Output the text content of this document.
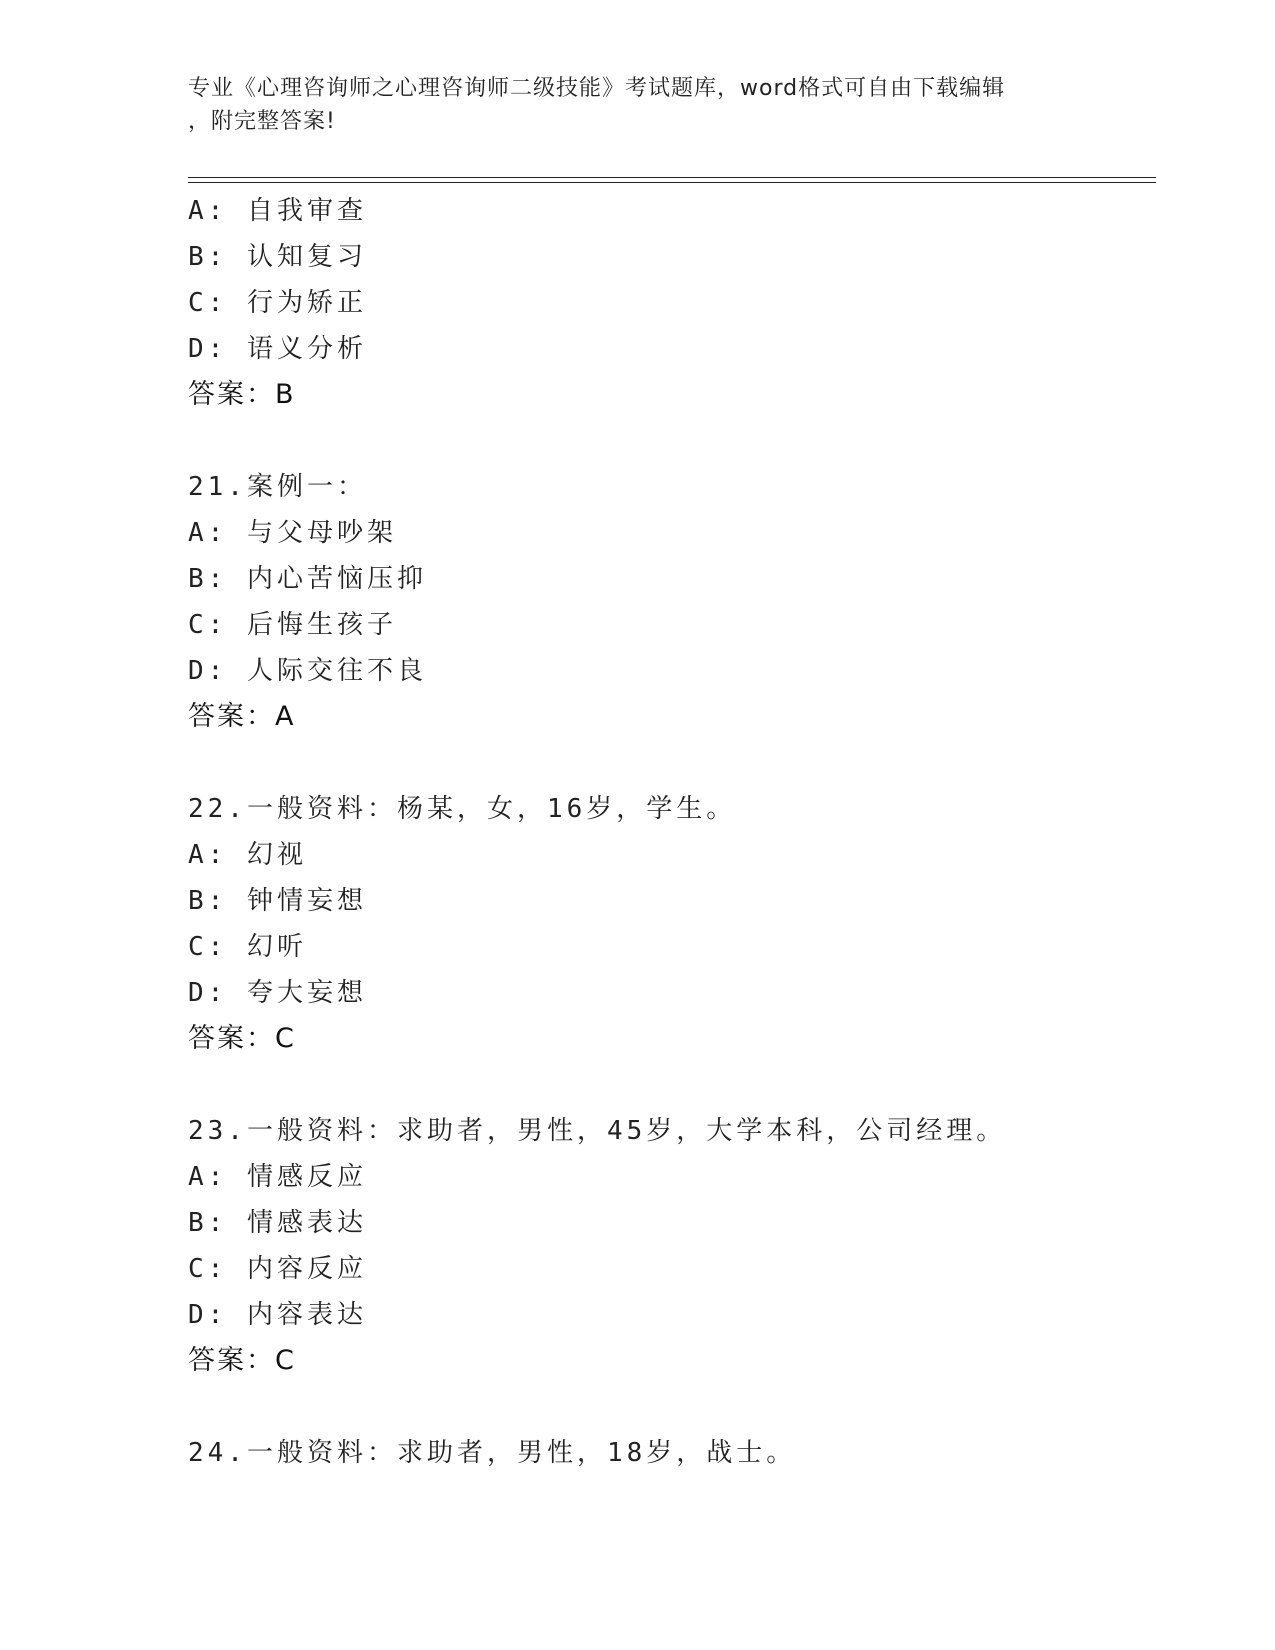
专业《心理咨询师之心理咨询师二级技能》考试题库，word格式可自由下载编辑
，附完整答案!
A: 自我审查
B: 认知复习
C: 行为矫正
D: 语义分析
答案：B
21.案例一：
A: 与父母吵架
B: 内心苦恼压抑
C: 后悔生孩子
D: 人际交往不良
答案：A
22.一般资料：杨某，女，16岁，学生。
A: 幻视
B: 钟情妄想
C: 幻听
D: 夸大妄想
答案：C
23.一般资料：求助者，男性，45岁，大学本科，公司经理。
A: 情感反应
B: 情感表达
C: 内容反应
D: 内容表达
答案：C
24.一般资料：求助者，男性，18岁，战士。
